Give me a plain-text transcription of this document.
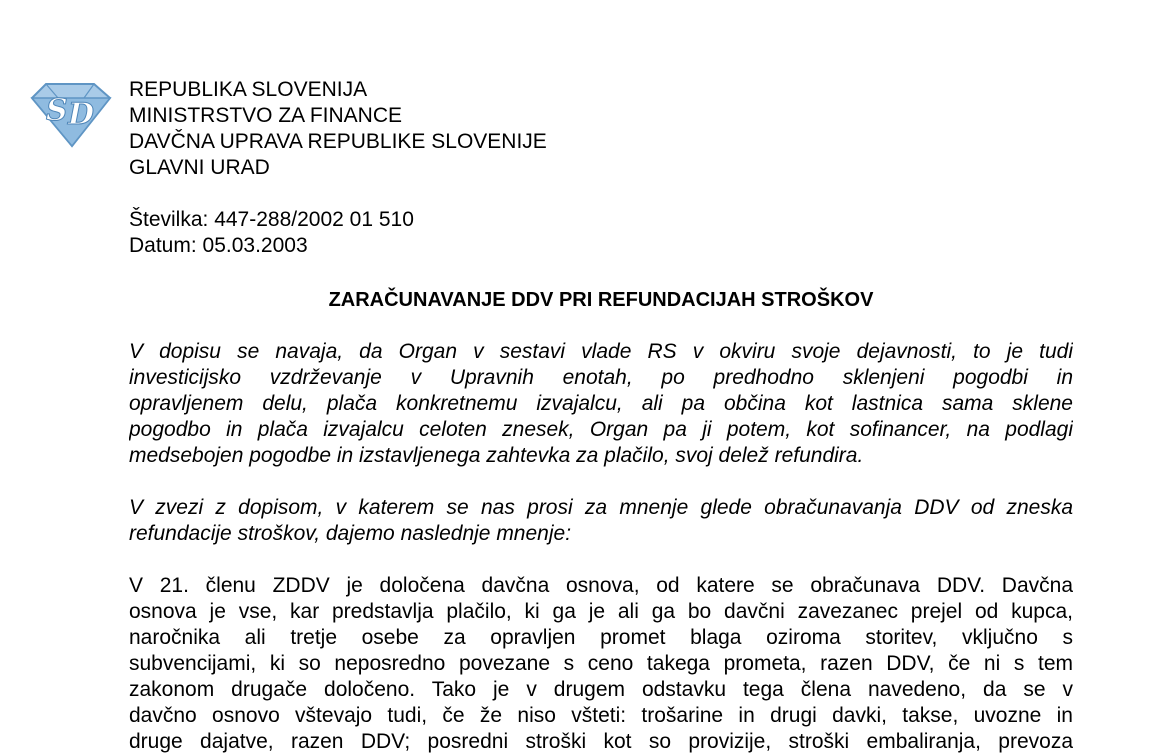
S D
REPUBLIKA SLOVENIJA
MINISTRSTVO ZA FINANCE
DAVČNA UPRAVA REPUBLIKE SLOVENIJE
GLAVNI URAD
Številka: 447-288/2002 01 510
Datum: 05.03.2003
ZARAČUNAVANJE DDV PRI REFUNDACIJAH STROŠKOV
V dopisu se navaja, da Organ v sestavi vlade RS v okviru svoje dejavnosti, to je tudi
investicijsko vzdrževanje v Upravnih enotah, po predhodno sklenjeni pogodbi in
opravljenem delu, plača konkretnemu izvajalcu, ali pa občina kot lastnica sama sklene
pogodbo in plača izvajalcu celoten znesek, Organ pa ji potem, kot sofinancer, na podlagi
medsebojen pogodbe in izstavljenega zahtevka za plačilo, svoj delež refundira.
V zvezi z dopisom, v katerem se nas prosi za mnenje glede obračunavanja DDV od zneska
refundacije stroškov, dajemo naslednje mnenje:
V 21. členu ZDDV je določena davčna osnova, od katere se obračunava DDV. Davčna
osnova je vse, kar predstavlja plačilo, ki ga je ali ga bo davčni zavezanec prejel od kupca,
naročnika ali tretje osebe za opravljen promet blaga oziroma storitev, vključno s
subvencijami, ki so neposredno povezane s ceno takega prometa, razen DDV, če ni s tem
zakonom drugače določeno. Tako je v drugem odstavku tega člena navedeno, da se v
davčno osnovo vštevajo tudi, če že niso všteti: trošarine in drugi davki, takse, uvozne in
druge dajatve, razen DDV; posredni stroški kot so provizije, stroški embaliranja, prevoza
